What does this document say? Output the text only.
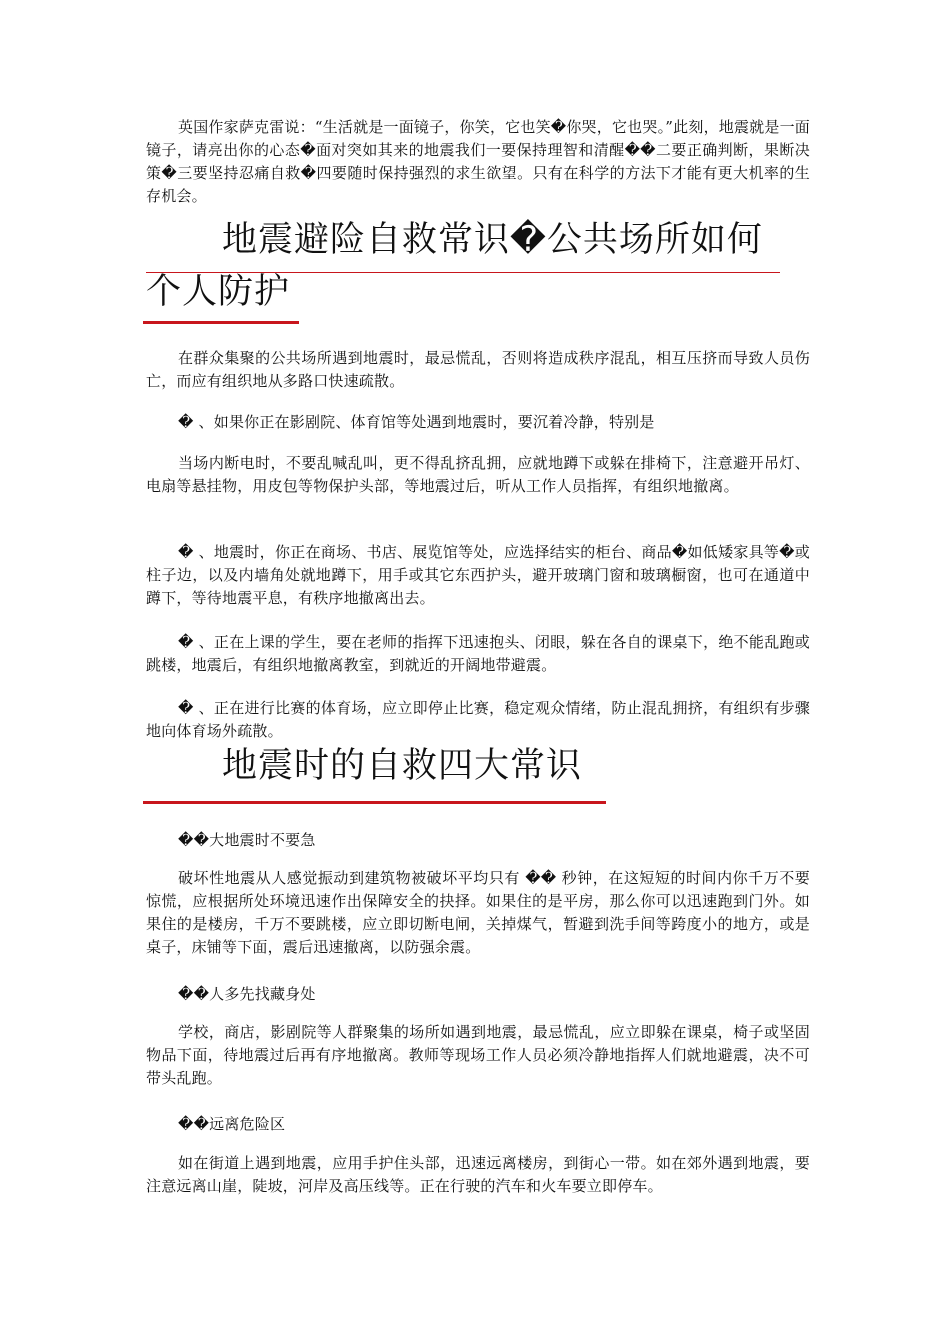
英国作家萨克雷说：“生活就是一面镜子，你笑，它也笑�你哭，它也哭。”此刻，地震就是一面镜子，请亮出你的心态�面对突如其来的地震我们一要保持理智和清醒��二要正确判断，果断决策�三要坚持忍痛自救�四要随时保持强烈的求生欲望。只有在科学的方法下才能有更大机率的生存机会。

地震避险自救常识�公共场所如何
个人防护

在群众集聚的公共场所遇到地震时，最忌慌乱，否则将造成秩序混乱，相互压挤而导致人员伤亡，而应有组织地从多路口快速疏散。

� 、如果你正在影剧院、体育馆等处遇到地震时，要沉着冷静，特别是

当场内断电时，不要乱喊乱叫，更不得乱挤乱拥，应就地蹲下或躲在排椅下，注意避开吊灯、电扇等悬挂物，用皮包等物保护头部，等地震过后，听从工作人员指挥，有组织地撤离。

� 、地震时，你正在商场、书店、展览馆等处，应选择结实的柜台、商品�如低矮家具等�或柱子边，以及内墙角处就地蹲下，用手或其它东西护头，避开玻璃门窗和玻璃橱窗，也可在通道中蹲下，等待地震平息，有秩序地撤离出去。

� 、正在上课的学生，要在老师的指挥下迅速抱头、闭眼，躲在各自的课桌下，绝不能乱跑或跳楼，地震后，有组织地撤离教室，到就近的开阔地带避震。

� 、正在进行比赛的体育场，应立即停止比赛，稳定观众情绪，防止混乱拥挤，有组织有步骤地向体育场外疏散。

地震时的自救四大常识

��大地震时不要急

破坏性地震从人感觉振动到建筑物被破坏平均只有 �� 秒钟，在这短短的时间内你千万不要惊慌，应根据所处环境迅速作出保障安全的抉择。如果住的是平房，那么你可以迅速跑到门外。如果住的是楼房，千万不要跳楼，应立即切断电闸，关掉煤气，暂避到洗手间等跨度小的地方，或是桌子，床铺等下面，震后迅速撤离，以防强余震。

��人多先找藏身处

学校，商店，影剧院等人群聚集的场所如遇到地震，最忌慌乱，应立即躲在课桌，椅子或坚固物品下面，待地震过后再有序地撤离。教师等现场工作人员必须冷静地指挥人们就地避震，决不可带头乱跑。

��远离危险区

如在街道上遇到地震，应用手护住头部，迅速远离楼房，到街心一带。如在郊外遇到地震，要注意远离山崖，陡坡，河岸及高压线等。正在行驶的汽车和火车要立即停车。
